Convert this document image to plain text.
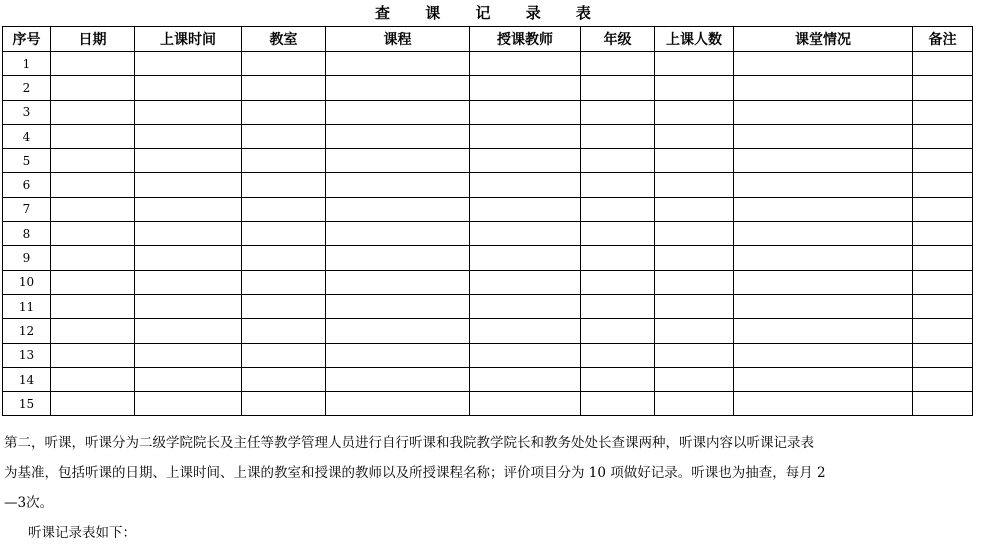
查 课 记 录 表
序号	日期	上课时间	教室	课程	授课教师	年级	上课人数	课堂情况	备注
1									
2									
3									
4									
5									
6									
7									
8									
9									
10									
11									
12									
13									
14									
15									

第二，听课，听课分为二级学院院长及主任等教学管理人员进行自行听课和我院教学院长和教务处处长查课两种，听课内容以听课记录表

为基准，包括听课的日期、上课时间、上课的教室和授课的教师以及所授课程名称；评价项目分为 10 项做好记录。听课也为抽查，每月 2

—3次。

听课记录表如下：
